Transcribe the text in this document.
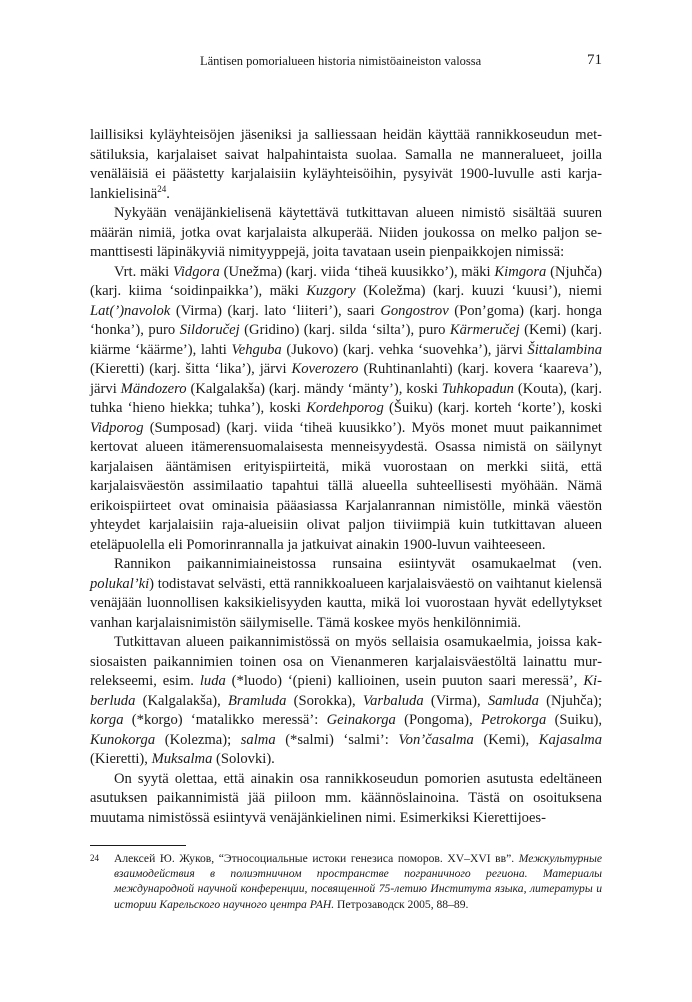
Läntisen pomorialueen historia nimistöaineiston valossa	71

laillisiksi kyläyhteisöjen jäseniksi ja salliessaan heidän käyttää rannikkoseudun metsätiluksia, karjalaiset saivat halpahintaista suolaa. Samalla ne manneralueet, joilla venäläisiä ei päästetty karjalaisiin kyläyhteisöihin, pysyivät 1900-luvulle asti karjalankielisinä$^{24}$.

Nykyään venäjänkielisenä käytettävä tutkittavan alueen nimistö sisältää suuren määrän nimiä, jotka ovat karjalaista alkuperää. Niiden joukossa on melko paljon semanttisesti läpinäkyviä nimityyppejä, joita tavataan usein pienpaikkojen nimissä:

Vrt. mäki Vidgora (Unežma) (karj. viida ‘tiheä kuusikko’), mäki Kimgora (Njuhča) (karj. kiima ‘soidinpaikka’), mäki Kuzgory (Koležma) (karj. kuuzi ‘kuusi’), niemi Lat(’)navolok (Virma) (karj. lato ‘liiteri’), saari Gongostrov (Pon’goma) (karj. honga ‘honka’), puro Sildoručej (Gridino) (karj. silda ‘silta’), puro Kärmeručej (Kemi) (karj. kiärme ‘käärme’), lahti Vehguba (Jukovo) (karj. vehka ‘suovehka’), järvi Šittalambina (Kieretti) (karj. šitta ‘lika’), järvi Koverozero (Ruhtinanlahti) (karj. kovera ‘kaareva’), järvi Mändozero (Kalgalakša) (karj. mändy ‘mänty’), koski Tuhkopadun (Kouta), (karj. tuhka ‘hieno hiekka; tuhka’), koski Kordehporog (Šuiku) (karj. korteh ‘korte’), koski Vidporog (Sumposad) (karj. viida ‘tiheä kuusikko’). Myös monet muut paikannimet kertovat alueen itämerensuomalaisesta menneisyydestä. Osassa nimistä on säilynyt karjalaisen ääntämisen erityispiirteitä, mikä vuorostaan on merkki siitä, että karjalaisväestön assimilaatio tapahtui tällä alueella suhteellisesti myöhään. Nämä erikoispiirteet ovat ominaisia pääasiassa Karjalanrannan nimistölle, minkä väestön yhteydet karjalaisiin raja-alueisiin olivat paljon tiiviimpiä kuin tutkittavan alueen eteläpuolella eli Pomorinrannalla ja jatkuivat ainakin 1900-luvun vaihteeseen.

Rannikon paikannimiaineistossa runsaina esiintyvät osamukaelmat (ven. polukal’ki) todistavat selvästi, että rannikkoalueen karjalaisväestö on vaihtanut kielensä venäjään luonnollisen kaksikielisyyden kautta, mikä loi vuorostaan hyvät edellytykset vanhan karjalaisnimistön säilymiselle. Tämä koskee myös henkilönnimiä.

Tutkittavan alueen paikannimistössä on myös sellaisia osamukaelmia, joissa kaksiosaisten paikannimien toinen osa on Vienanmeren karjalaisväestöltä lainattu murrelekseemi, esim. luda (*luodo) ‘(pieni) kallioinen, usein puuton saari meressä’, Kiberluda (Kalgalakša), Bramluda (Sorokka), Varbaluda (Virma), Samluda (Njuhča); korga (*korgo) ‘matalikko meressä’: Geinakorga (Pongoma), Petrokorga (Suiku), Kunokorga (Kolezma); salma (*salmi) ‘salmi’: Von’časalma (Kemi), Kajasalma (Kieretti), Muksalma (Solovki).

On syytä olettaa, että ainakin osa rannikkoseudun pomorien asutusta edeltäneen asutuksen paikannimistä jää piiloon mm. käännöslainoina. Tästä on osoituksena muutama nimistössä esiintyvä venäjänkielinen nimi. Esimerkiksi Kierettijoes-

24 Алексей Ю. Жуков, “Этносоциальные истоки генезиса поморов. XV–XVI вв”. Межкультурные взаимодействия в полиэтничном пространстве пограничного региона. Материалы международной научной конференции, посвященной 75-летию Института языка, литературы и истории Карельского научного центра РАН. Петрозаводск 2005, 88–89.
